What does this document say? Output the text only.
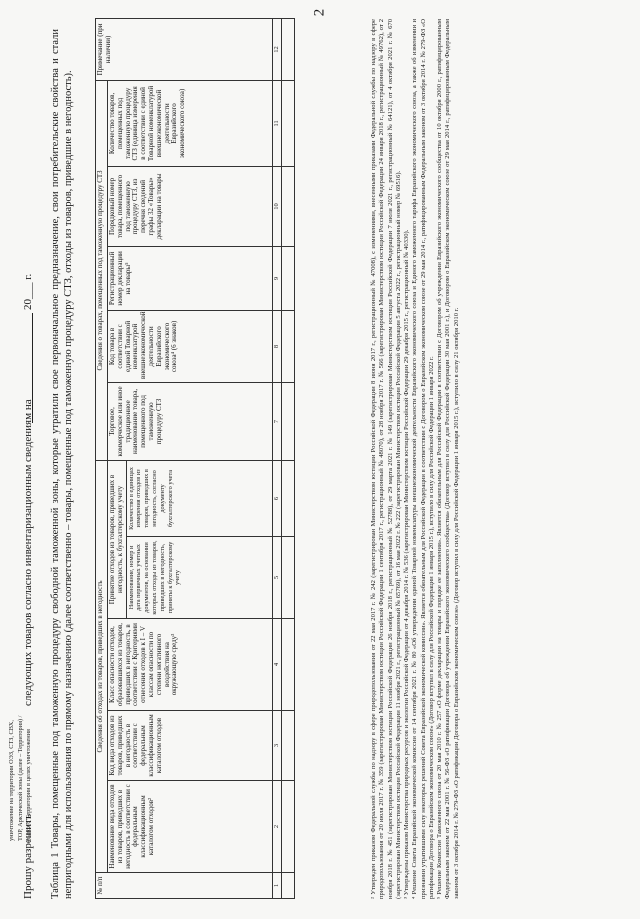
2
Прошу разрешить
уничтожение на территории ОЭЗ, СТЗ, СВХ, ТОР, Арктической зоны (далее – Территория) / вывоз с Территории в целях уничтожения
следующих товаров согласно инвентаризационным сведениям на
20___ г. Таблица 1 Товары, помещенные под таможенную процедуру свободной таможенной зоны, которые утратили свое первоначальное предназначение, свои потребительские свойства и стали непригодными для использования по прямому назначению (далее соответственно – товары, помещенные под таможенную процедуру СТЗ, отходы из товаров, приведшие в негодность).	№ п/п	Сведения об отходах из товаров, приведших в негодность					Сведения о товарах, помещенных под таможенную процедуру СТЗ					Примечание (при наличии)
	Наименование вида отходов из товаров, приведших в негодность в соответствии с федеральным классификационным каталогом отходов²	Код вида отходов из товаров, приведших в негодность в соответствии с федеральным классификационным каталогом отходов	Класс опасности отходов, образовавшихся из товаров, приведших в негодность, в соответствии с Критериями отнесения отходов к I – V классам опасности по степени негативного воздействия на окружающую среду³	Принятие отходов из товаров, приведших в негодность, к бухгалтерскому учету		Торговое, коммерческое или иное традиционное наименование товара, помещенного под таможенную процедуру СТЗ	Код товара в соответствии с единой Товарной номенклатурой внешнеэкономической деятельности Евразийского экономического союза⁴ (6 знаков)	Регистрационный номер декларации на товары⁵	Порядковый номер товара, помещенного под таможенную процедуру СТЗ, из перечня сведений графы 32 «Товары» декларации на товары	Количество товаров, помещенных под таможенную процедуру СТЗ (единица измерения в соответствии с единой Товарной номенклатурой внешнеэкономической деятельности Евразийского экономического союза)	
				Наименование, номер и дата первичных учетных документов, на основании которых отходы из товаров, приведших в негодность, приняты к бухгалтерскому учету	Количество в единицах измерения отходов из товаров, приведших в негодность, согласно документу бухгалтерского учета						
1	2	3	4	5	6	7	8	9	10	11	12
												² Утвержден приказом Федеральной службы по надзору в сфере природопользования от 22 мая 2017 г. № 242 (зарегистрирован Министерством юстиции Российской Федерации 8 июня 2017 г., регистрационный № 47008), с изменениями, внесенными приказами Федеральной службы по надзору в сфере природопользования от 20 июля 2017 г. № 359 (зарегистрирован Министерством юстиции Российской Федерации 1 сентября 2017 г., регистрационный № 48070), от 28 ноября 2017 г. № 566 (зарегистрирован Министерством юстиции Российской Федерации 24 января 2018 г., регистрационный № 49762), от 2 ноября 2018 г. № 451 (зарегистрирован Министерством юстиции Российской Федерации 26 ноября 2018 г., регистрационный № 52788), от 29 марта 2021 г. № 149 (зарегистрирован Министерством юстиции Российской Федерации 7 июля 2021 г., регистрационный № 64121), от 4 октября 2021 г. № 670 (зарегистрирован Министерством юстиции Российской Федерации 11 ноября 2021 г., регистрационный № 65769), от 16 мая 2022 г. № 222 (зарегистрирован Министерством юстиции Российской Федерации 5 августа 2022 г., регистрационный номер № 69516). ³ Утверждены приказом Министерства природных ресурсов и экологии Российской Федерации от 4 декабря 2014 г. № 536 (зарегистрирован Министерством юстиции Российской Федерации 29 декабря 2015 г., регистрационный № 40330). ⁴ Решение Совета Евразийской экономической комиссии от 14 сентября 2021 г. № 80 «Об утверждении единой Товарной номенклатуры внешнеэкономической деятельности Евразийского экономического союза и Единого таможенного тарифа Евразийского экономического союза, а также об изменении и признании утратившими силу некоторых решений Совета Евразийской экономической комиссии». Является обязательным для Российской Федерации в соответствии с Договором о Евразийском экономическом союзе от 29 мая 2014 г., ратифицированным Федеральным законом от 3 октября 2014 г. № 279-ФЗ «О ратификации Договора о Евразийском экономическом союзе» (Договор вступил в силу для Российской Федерации 1 января 2015 г.), вступило в силу для Российской Федерации 1 января 2022 г. ⁵ Решение Комиссии Таможенного союза от 20 мая 2010 г. № 257 «О форме декларации на товары и порядке ее заполнения». Является обязательным для Российской Федерации в соответствии с Договором об учреждении Евразийского экономического сообщества от 10 октября 2000 г., ратифицированным Федеральным законом от 22 мая 2001 г. № 56-ФЗ «О ратификации Договора об учреждении Евразийского экономического сообщества» (Договор вступил в силу для Российской Федерации 30 мая 2001 г.), и Договором о Евразийском экономическом союзе от 29 мая 2014 г., ратифицированным Федеральным законом от 3 октября 2014 г. № 279-ФЗ «О ратификации Договора о Евразийском экономическом союзе» (Договор вступил в силу для Российской Федерации 1 января 2015 г.), вступило в силу 21 октября 2010 г.
